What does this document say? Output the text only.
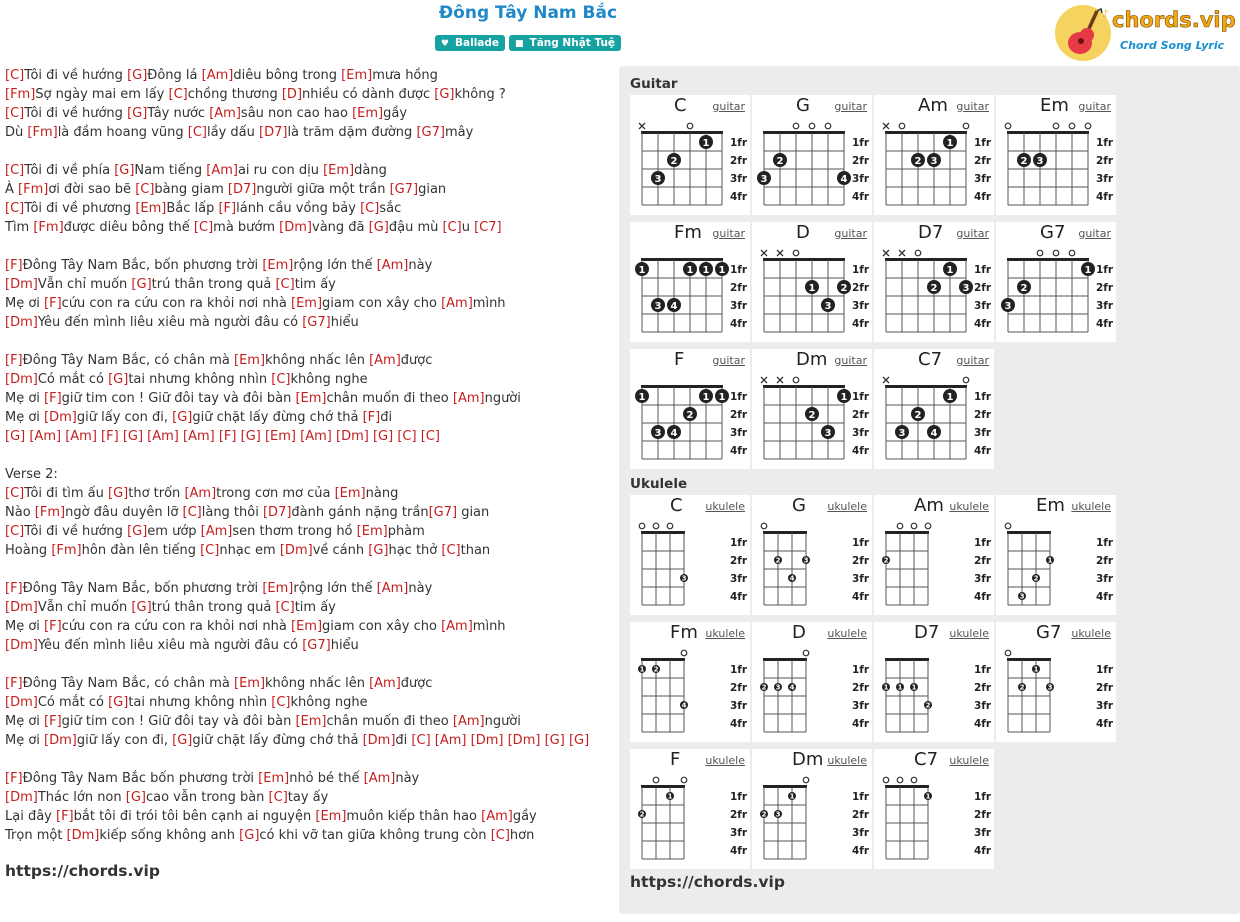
Đông Tây Nam Bắc
♥ Ballade ■ Tăng Nhật Tuệ
♪ chords.vip
Chord Song Lyric
[C]Tôi đi về hướng [G]Đông lá [Am]diêu bông trong [Em]mưa hồng
[Fm]Sợ ngày mai em lấy [C]chồng thương [D]nhiều có dành được [G]không ?
[C]Tôi đi về hướng [G]Tây nước [Am]sâu non cao hao [Em]gầy
Dù [Fm]là đầm hoang vũng [C]lầy dấu [D7]là trăm dặm đường [G7]mây
[C]Tôi đi về phía [G]Nam tiếng [Am]ai ru con dịu [Em]dàng
À [Fm]ơi đời sao bẽ [C]bàng giam [D7]người giữa một trần [G7]gian
[C]Tôi đi về phương [Em]Bắc lấp [F]lánh cầu vồng bảy [C]sắc
Tìm [Fm]được diêu bông thế [C]mà bướm [Dm]vàng đã [G]đậu mù [C]u [C7]
[F]Đông Tây Nam Bắc, bốn phương trời [Em]rộng lớn thế [Am]này
[Dm]Vẫn chỉ muốn [G]trú thân trong quả [C]tim ấy
Mẹ ơi [F]cứu con ra cứu con ra khỏi nơi nhà [Em]giam con xây cho [Am]mình
[Dm]Yêu đến mình liêu xiêu mà người đâu có [G7]hiểu
[F]Đông Tây Nam Bắc, có chân mà [Em]không nhấc lên [Am]được
[Dm]Có mắt có [G]tai nhưng không nhìn [C]không nghe
Mẹ ơi [F]giữ tim con ! Giữ đôi tay và đôi bàn [Em]chân muốn đi theo [Am]người
Mẹ ơi [Dm]giữ lấy con đi, [G]giữ chặt lấy đừng chớ thả [F]đi
[G] [Am] [Am] [F] [G] [Am] [Am] [F] [G] [Em] [Am] [Dm] [G] [C] [C]
Verse 2:
[C]Tôi đi tìm ấu [G]thơ trốn [Am]trong cơn mơ của [Em]nàng
Nào [Fm]ngờ đâu duyên lỡ [C]làng thôi [D7]đành gánh nặng trần[G7] gian
[C]Tôi đi về hướng [G]em ướp [Am]sen thơm trong hồ [Em]phàm
Hoàng [Fm]hôn đàn lên tiếng [C]nhạc em [Dm]về cánh [G]hạc thở [C]than
[F]Đông Tây Nam Bắc, bốn phương trời [Em]rộng lớn thế [Am]này
[Dm]Vẫn chỉ muốn [G]trú thân trong quả [C]tim ấy
Mẹ ơi [F]cứu con ra cứu con ra khỏi nơi nhà [Em]giam con xây cho [Am]mình
[Dm]Yêu đến mình liêu xiêu mà người đâu có [G7]hiểu
[F]Đông Tây Nam Bắc, có chân mà [Em]không nhấc lên [Am]được
[Dm]Có mắt có [G]tai nhưng không nhìn [C]không nghe
Mẹ ơi [F]giữ tim con ! Giữ đôi tay và đôi bàn [Em]chân muốn đi theo [Am]người
Mẹ ơi [Dm]giữ lấy con đi, [G]giữ chặt lấy đừng chớ thả [Dm]đi [C] [Am] [Dm] [Dm] [G] [G]
[F]Đông Tây Nam Bắc bốn phương trời [Em]nhỏ bé thế [Am]này
[Dm]Thác lớn non [G]cao vẫn trong bàn [C]tay ấy
Lại đây [F]bắt tôi đi trói tôi bên cạnh ai nguyện [Em]muôn kiếp thân hao [Am]gầy
Trọn một [Dm]kiếp sống không anh [G]có khi vỡ tan giữa không trung còn [C]hơn
https://chords.vip
Guitar
3
2
1 1fr
2fr
3fr
4fr
C guitar
3
2
4
1fr
2fr
3fr
4fr
G guitar
2 3
1 1fr
2fr
3fr
4fr
Am guitar
2 3
1fr
2fr
3fr
4fr
Em guitar
1
3 4
1 1 1 1fr
2fr
3fr
4fr
Fm guitar
1
3
2
1fr
2fr
3fr
4fr
D guitar
2
1
3
1fr
2fr
3fr
4fr
D7 guitar
3
2
1 1fr
2fr
3fr
4fr
G7 guitar
1
3 4
2
1 1 1fr
2fr
3fr
4fr
F	guitar
2
3
1 1fr
2fr
3fr
4fr
Dm guitar
3
2
4
1 1fr
2fr
3fr
4fr
C7 guitar
Ukulele
3
1fr
2fr
3fr
4fr
C ukulele
2
4
3
1fr
2fr
3fr
4fr
G ukulele
2
1fr
2fr
3fr
4fr
Am ukulele
3
2
1
1fr
2fr
3fr
4fr
Em ukulele
1 2
4
1fr
2fr
3fr
4fr
Fm ukulele
2 3 4
1fr
2fr
3fr
4fr
D ukulele
1 1 1
2
1fr
2fr
3fr
4fr
D7 ukulele
2
1
3
1fr
2fr
3fr
4fr
G7 ukulele
2
1	1fr
2fr
3fr
4fr
F ukulele
2 3
1	1fr
2fr
3fr
4fr
Dm ukulele
1	1fr
2fr
3fr
4fr
C7 ukulele
https://chords.vip
